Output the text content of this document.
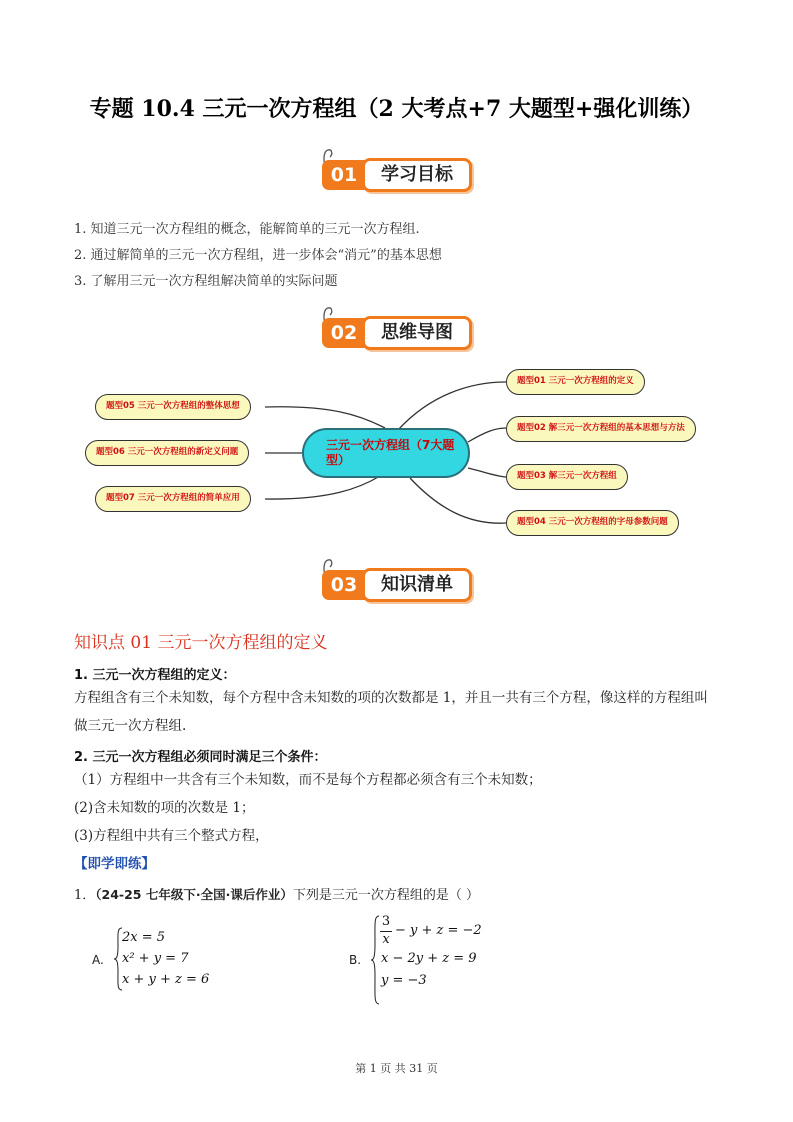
专题 10.4 三元一次方程组（2 大考点+7 大题型+强化训练）
01	学习目标
1. 知道三元一次方程组的概念，能解简单的三元一次方程组.
2. 通过解简单的三元一次方程组，进一步体会“消元”的基本思想
3. 了解用三元一次方程组解决简单的实际问题
02	思维导图
题型05 三元一次方程组的整体思想
题型06 三元一次方程组的新定义问题
题型07 三元一次方程组的简单应用
三元一次方程组（7大题型）
题型01 三元一次方程组的定义
题型02 解三元一次方程组的基本思想与方法
题型03 解三元一次方程组
题型04 三元一次方程组的字母参数问题
03	知识清单
知识点 01 三元一次方程组的定义
1. 三元一次方程组的定义：
方程组含有三个未知数，每个方程中含未知数的项的次数都是 1，并且一共有三个方程，像这样的方程组叫
做三元一次方程组.
2. 三元一次方程组必须同时满足三个条件：
（1）方程组中一共含有三个未知数，而不是每个方程都必须含有三个未知数；
(2)含未知数的项的次数是 1；
(3)方程组中共有三个整式方程，
【即学即练】
1．（24-25 七年级下·全国·课后作业）下列是三元一次方程组的是（ ）
A.
2x = 5
x² + y = 7
x + y + z = 6
B.
3
x
− y + z = −2
x − 2y + z = 9
y = −3
第 1 页 共 31 页
